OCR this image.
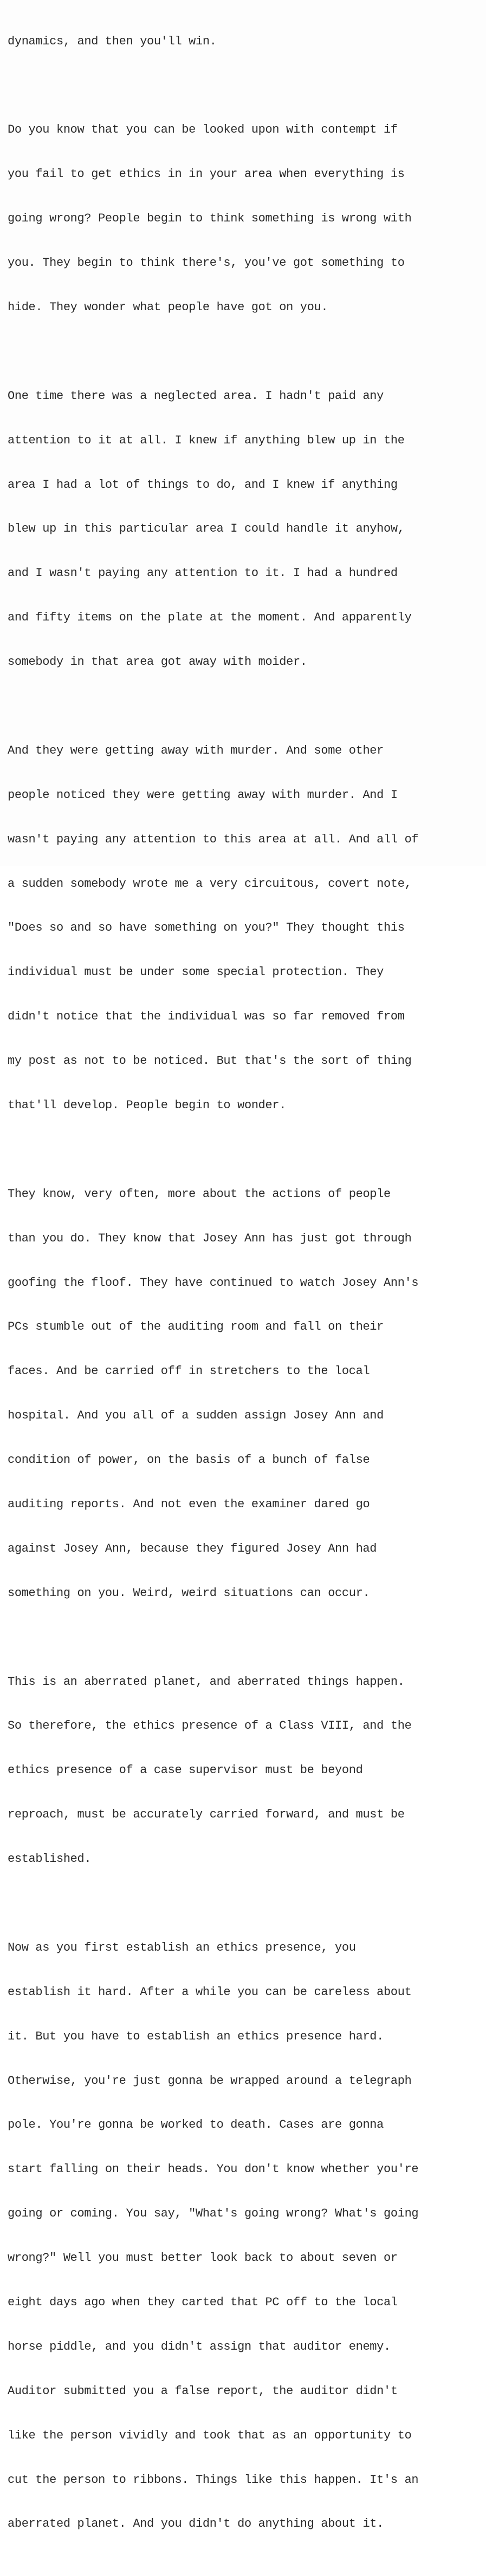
dynamics, and then you'll win.

Do you know that you can be looked upon with contempt if

you fail to get ethics in in your area when everything is

going wrong? People begin to think something is wrong with

you. They begin to think there's, you've got something to

hide. They wonder what people have got on you.

One time there was a neglected area. I hadn't paid any

attention to it at all. I knew if anything blew up in the

area I had a lot of things to do, and I knew if anything

blew up in this particular area I could handle it anyhow,

and I wasn't paying any attention to it. I had a hundred

and fifty items on the plate at the moment. And apparently

somebody in that area got away with moider.

And they were getting away with murder. And some other

people noticed they were getting away with murder. And I

wasn't paying any attention to this area at all. And all of

a sudden somebody wrote me a very circuitous, covert note,

"Does so and so have something on you?" They thought this

individual must be under some special protection. They

didn't notice that the individual was so far removed from

my post as not to be noticed. But that's the sort of thing

that'll develop. People begin to wonder.

They know, very often, more about the actions of people

than you do. They know that Josey Ann has just got through

goofing the floof. They have continued to watch Josey Ann's

PCs stumble out of the auditing room and fall on their

faces. And be carried off in stretchers to the local

hospital. And you all of a sudden assign Josey Ann and

condition of power, on the basis of a bunch of false

auditing reports. And not even the examiner dared go

against Josey Ann, because they figured Josey Ann had

something on you. Weird, weird situations can occur.

This is an aberrated planet, and aberrated things happen.

So therefore, the ethics presence of a Class VIII, and the

ethics presence of a case supervisor must be beyond

reproach, must be accurately carried forward, and must be

established.

Now as you first establish an ethics presence, you

establish it hard. After a while you can be careless about

it. But you have to establish an ethics presence hard.

Otherwise, you're just gonna be wrapped around a telegraph

pole. You're gonna be worked to death. Cases are gonna

start falling on their heads. You don't know whether you're

going or coming. You say, "What's going wrong? What's going

wrong?" Well you must better look back to about seven or

eight days ago when they carted that PC off to the local

horse piddle, and you didn't assign that auditor enemy.

Auditor submitted you a false report, the auditor didn't

like the person vividly and took that as an opportunity to

cut the person to ribbons. Things like this happen. It's an

aberrated planet. And you didn't do anything about it.
